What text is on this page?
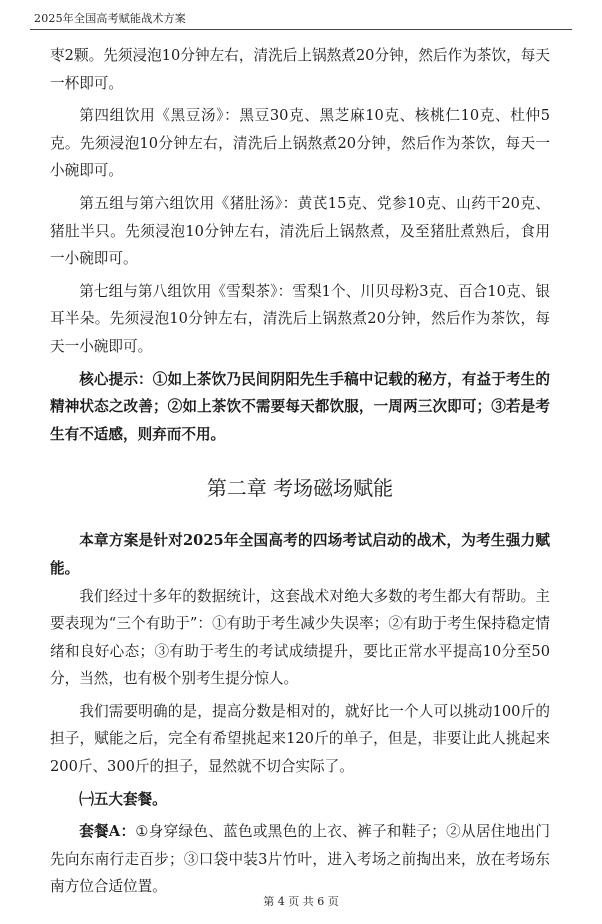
2025年全国高考赋能战术方案

枣2颗。先须浸泡10分钟左右，清洗后上锅熬煮20分钟，然后作为茶饮，每天一杯即可。

第四组饮用《黑豆汤》：黑豆30克、黑芝麻10克、核桃仁10克、杜仲5克。先须浸泡10分钟左右，清洗后上锅熬煮20分钟，然后作为茶饮，每天一小碗即可。

第五组与第六组饮用《猪肚汤》：黄芪15克、党参10克、山药干20克、猪肚半只。先须浸泡10分钟左右，清洗后上锅熬煮，及至猪肚煮熟后，食用一小碗即可。

第七组与第八组饮用《雪梨茶》：雪梨1个、川贝母粉3克、百合10克、银耳半朵。先须浸泡10分钟左右，清洗后上锅熬煮20分钟，然后作为茶饮，每天一小碗即可。

核心提示：①如上茶饮乃民间阴阳先生手稿中记载的秘方，有益于考生的精神状态之改善；②如上茶饮不需要每天都饮服，一周两三次即可；③若是考生有不适感，则弃而不用。

第二章 考场磁场赋能

本章方案是针对2025年全国高考的四场考试启动的战术，为考生强力赋能。

我们经过十多年的数据统计，这套战术对绝大多数的考生都大有帮助。主要表现为“三个有助于”：①有助于考生减少失误率；②有助于考生保持稳定情绪和良好心态；③有助于考生的考试成绩提升，要比正常水平提高10分至50分，当然，也有极个别考生提分惊人。

我们需要明确的是，提高分数是相对的，就好比一个人可以挑动100斤的担子，赋能之后，完全有希望挑起来120斤的单子，但是，非要让此人挑起来200斤、300斤的担子，显然就不切合实际了。

㈠五大套餐。

套餐A：①身穿绿色、蓝色或黑色的上衣、裤子和鞋子；②从居住地出门先向东南行走百步；③口袋中装3片竹叶，进入考场之前掏出来，放在考场东南方位合适位置。

第 4 页 共 6 页
